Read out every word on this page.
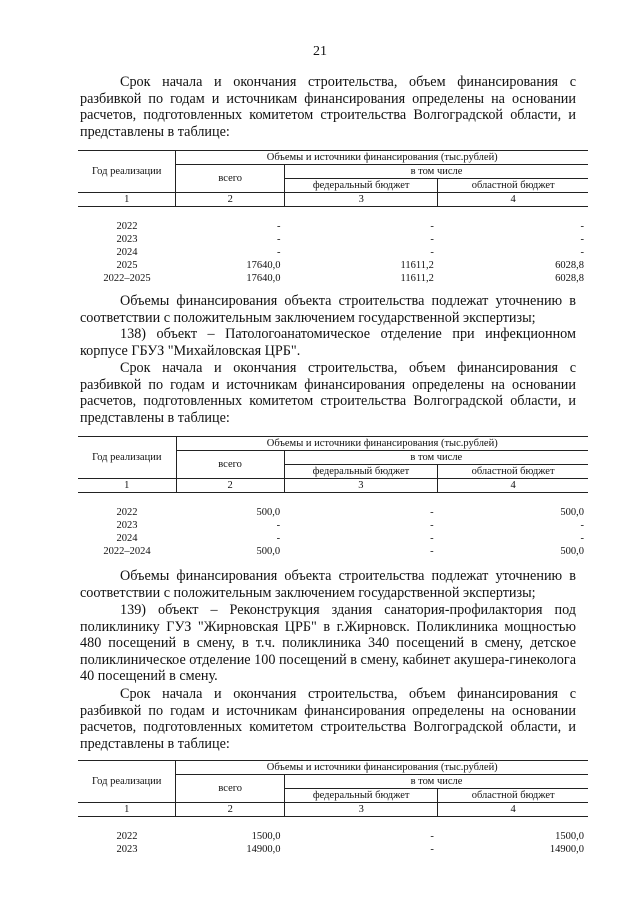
21
Срок начала и окончания строительства, объем финансирования с разбивкой по годам и источникам финансирования определены на основании расчетов, подготовленных комитетом строительства Волгоградской области, и представлены в таблице:
Год реализации	Объемы и источники финансирования (тыс.рублей)		
	всего	в том числе	
		федеральный бюджет	областной бюджет
1	2	3	4

2022	-	-	-
2023	-	-	-
2024	-	-	-
2025	17640,0	11611,2	6028,8
2022–2025	17640,0	11611,2	6028,8
Объемы финансирования объекта строительства подлежат уточнению в соответствии с положительным заключением государственной экспертизы;
138) объект – Патологоанатомическое отделение при инфекционном корпусе ГБУЗ "Михайловская ЦРБ".
Срок начала и окончания строительства, объем финансирования с разбивкой по годам и источникам финансирования определены на основании расчетов, подготовленных комитетом строительства Волгоградской области, и представлены в таблице:
Год реализации	Объемы и источники финансирования (тыс.рублей)		
	всего	в том числе	
		федеральный бюджет	областной бюджет
1	2	3	4

2022	500,0	-	500,0
2023	-	-	-
2024	-	-	-
2022–2024	500,0	-	500,0
Объемы финансирования объекта строительства подлежат уточнению в соответствии с положительным заключением государственной экспертизы;
139) объект – Реконструкция здания санатория-профилактория под поликлинику ГУЗ "Жирновская ЦРБ" в г.Жирновск. Поликлиника мощностью 480 посещений в смену, в т.ч. поликлиника 340 посещений в смену, детское поликлиническое отделение 100 посещений в смену, кабинет акушера-гинеколога 40 посещений в смену.
Срок начала и окончания строительства, объем финансирования с разбивкой по годам и источникам финансирования определены на основании расчетов, подготовленных комитетом строительства Волгоградской области, и представлены в таблице:
Год реализации	Объемы и источники финансирования (тыс.рублей)		
	всего	в том числе	
		федеральный бюджет	областной бюджет
1	2	3	4

2022	1500,0	-	1500,0
2023	14900,0	-	14900,0
